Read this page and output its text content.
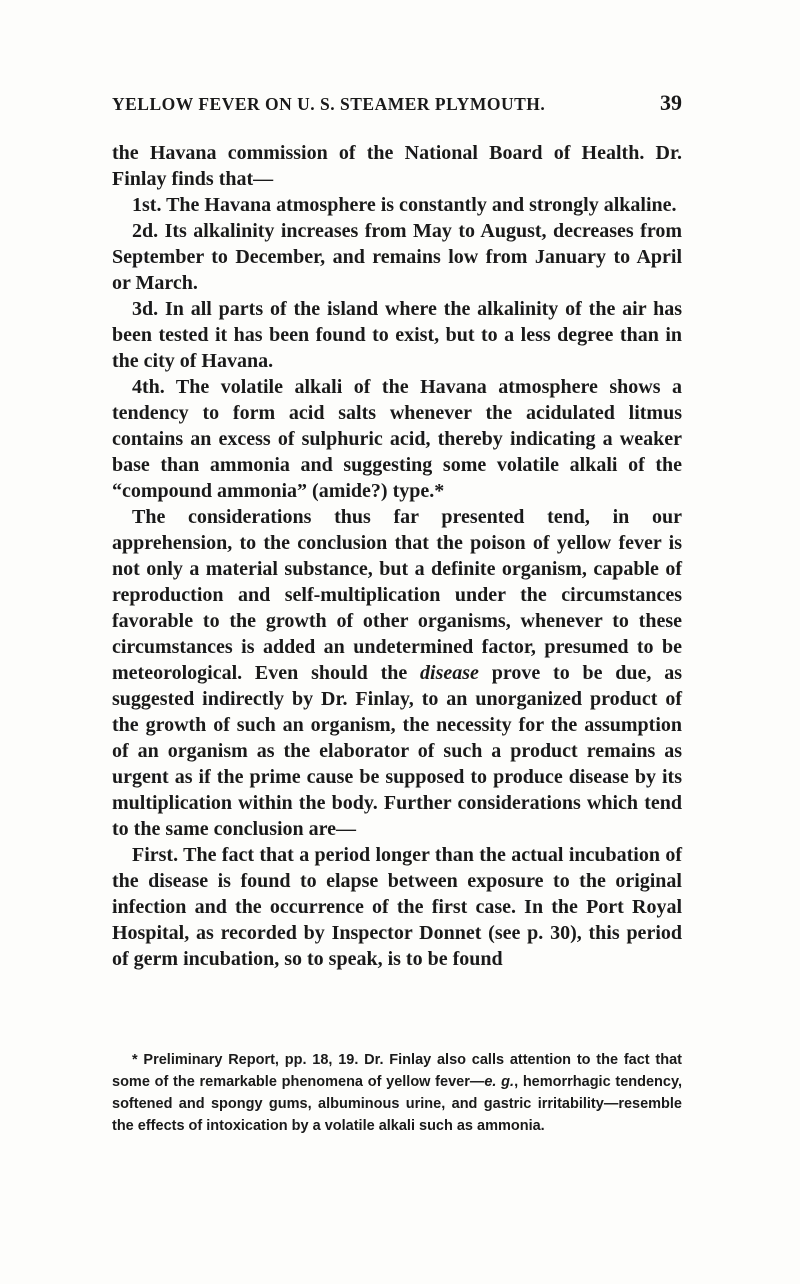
YELLOW FEVER ON U. S. STEAMER PLYMOUTH.	39

the Havana commission of the National Board of Health. Dr. Finlay finds that—

1st. The Havana atmosphere is constantly and strongly alkaline.

2d. Its alkalinity increases from May to August, decreases from September to December, and remains low from January to April or March.

3d. In all parts of the island where the alkalinity of the air has been tested it has been found to exist, but to a less degree than in the city of Havana.

4th. The volatile alkali of the Havana atmosphere shows a tendency to form acid salts whenever the acidulated litmus contains an excess of sulphuric acid, thereby indicating a weaker base than ammonia and suggesting some volatile alkali of the “compound ammonia” (amide?) type.*

The considerations thus far presented tend, in our apprehension, to the conclusion that the poison of yellow fever is not only a material substance, but a definite organism, capable of reproduction and self-multiplication under the circumstances favorable to the growth of other organisms, whenever to these circumstances is added an undetermined factor, presumed to be meteorological. Even should the disease prove to be due, as suggested indirectly by Dr. Finlay, to an unorganized product of the growth of such an organism, the necessity for the assumption of an organism as the elaborator of such a product remains as urgent as if the prime cause be supposed to produce disease by its multiplication within the body. Further considerations which tend to the same conclusion are—

First. The fact that a period longer than the actual incubation of the disease is found to elapse between exposure to the original infection and the occurrence of the first case. In the Port Royal Hospital, as recorded by Inspector Donnet (see p. 30), this period of germ incubation, so to speak, is to be found

* Preliminary Report, pp. 18, 19. Dr. Finlay also calls attention to the fact that some of the remarkable phenomena of yellow fever—e. g., hemorrhagic tendency, softened and spongy gums, albuminous urine, and gastric irritability—resemble the effects of intoxication by a volatile alkali such as ammonia.
